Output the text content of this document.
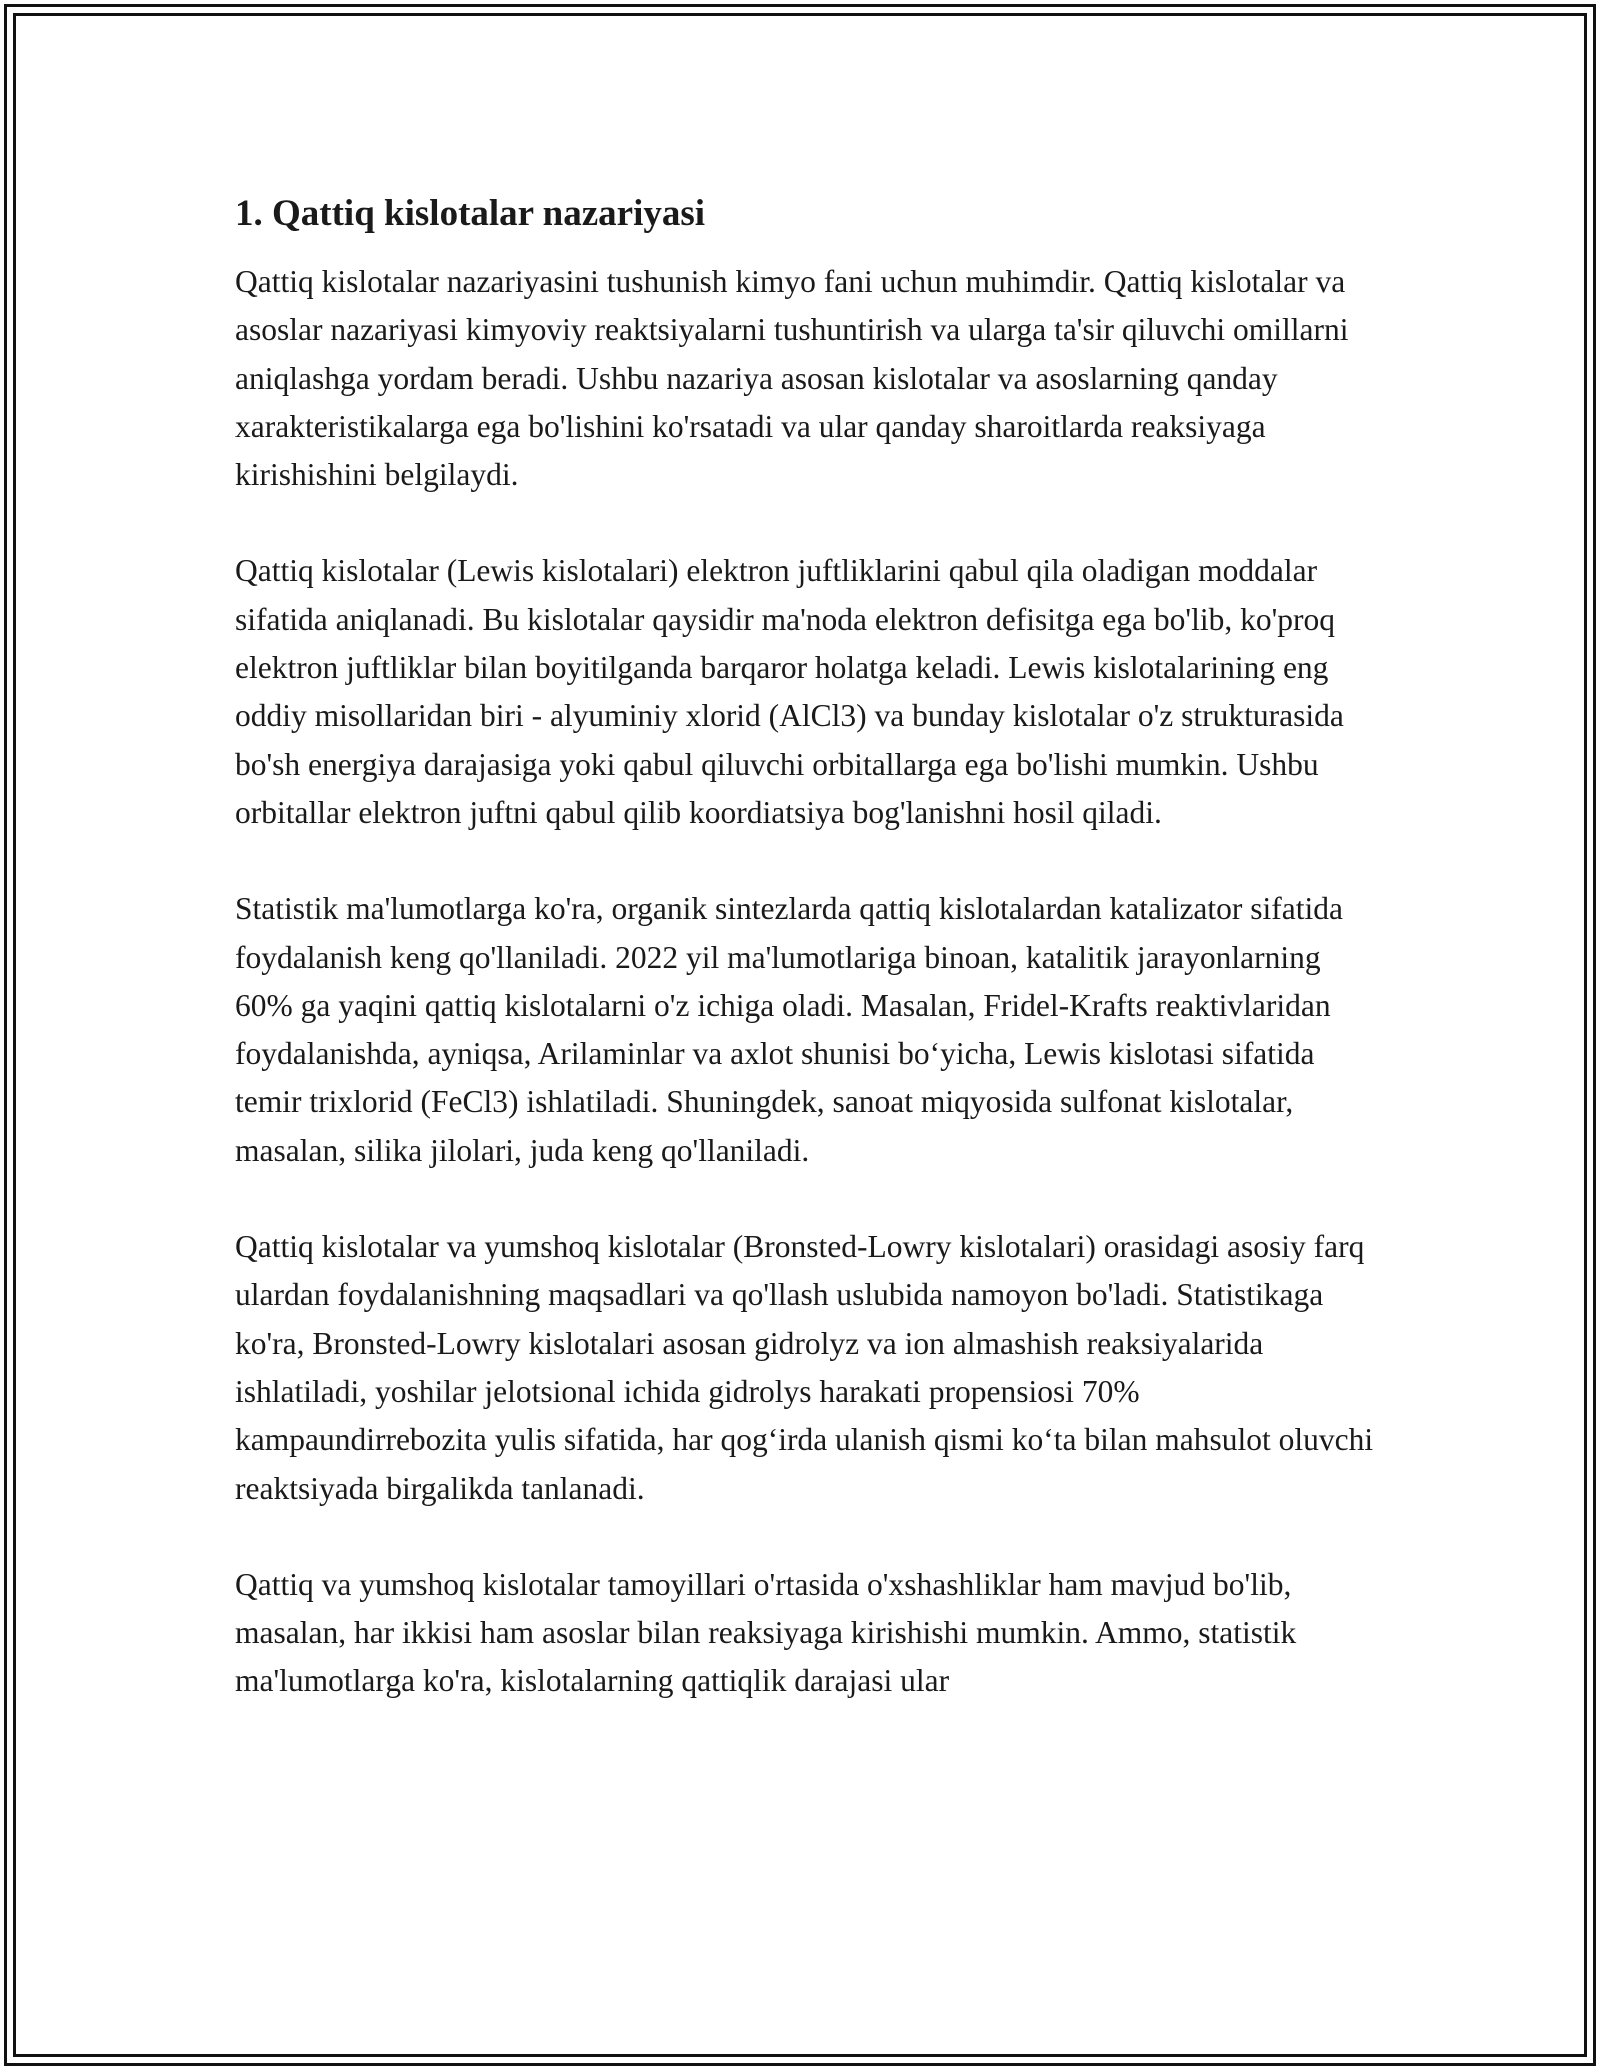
1. Qattiq kislotalar nazariyasi

Qattiq kislotalar nazariyasini tushunish kimyo fani uchun muhimdir. Qattiq kislotalar va asoslar nazariyasi kimyoviy reaktsiyalarni tushuntirish va ularga ta'sir qiluvchi omillarni aniqlashga yordam beradi. Ushbu nazariya asosan kislotalar va asoslarning qanday xarakteristikalarga ega bo'lishini ko'rsatadi va ular qanday sharoitlarda reaksiyaga kirishishini belgilaydi.

Qattiq kislotalar (Lewis kislotalari) elektron juftliklarini qabul qila oladigan moddalar sifatida aniqlanadi. Bu kislotalar qaysidir ma'noda elektron defisitga ega bo'lib, ko'proq elektron juftliklar bilan boyitilganda barqaror holatga keladi. Lewis kislotalarining eng oddiy misollaridan biri - alyuminiy xlorid (AlCl3) va bunday kislotalar o'z strukturasida bo'sh energiya darajasiga yoki qabul qiluvchi orbitallarga ega bo'lishi mumkin. Ushbu orbitallar elektron juftni qabul qilib koordiatsiya bog'lanishni hosil qiladi.

Statistik ma'lumotlarga ko'ra, organik sintezlarda qattiq kislotalardan katalizator sifatida foydalanish keng qo'llaniladi. 2022 yil ma'lumotlariga binoan, katalitik jarayonlarning 60% ga yaqini qattiq kislotalarni o'z ichiga oladi. Masalan, Fridel-Krafts reaktivlaridan foydalanishda, ayniqsa, Arilaminlar va axlot shunisi bo‘yicha, Lewis kislotasi sifatida temir trixlorid (FeCl3) ishlatiladi. Shuningdek, sanoat miqyosida sulfonat kislotalar, masalan, silika jilolari, juda keng qo'llaniladi.

Qattiq kislotalar va yumshoq kislotalar (Bronsted-Lowry kislotalari) orasidagi asosiy farq ulardan foydalanishning maqsadlari va qo'llash uslubida namoyon bo'ladi. Statistikaga ko'ra, Bronsted-Lowry kislotalari asosan gidrolyz va ion almashish reaksiyalarida ishlatiladi, yoshilar jelotsional ichida gidrolys harakati propensiosi 70% kampaundirrebozita yulis sifatida, har qog‘irda ulanish qismi ko‘ta bilan mahsulot oluvchi reaktsiyada birgalikda tanlanadi.

Qattiq va yumshoq kislotalar tamoyillari o'rtasida o'xshashliklar ham mavjud bo'lib, masalan, har ikkisi ham asoslar bilan reaksiyaga kirishishi mumkin. Ammo, statistik ma'lumotlarga ko'ra, kislotalarning qattiqlik darajasi ular
